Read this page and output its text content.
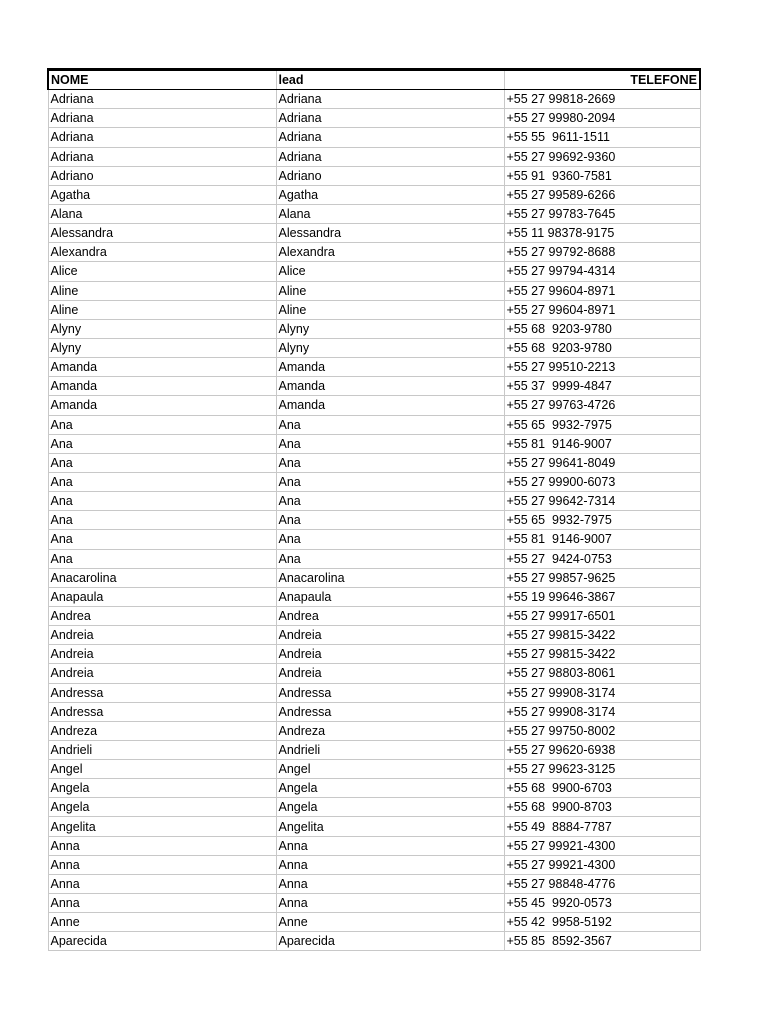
NOME	lead	TELEFONE
Adriana	Adriana	+55 27 99818-2669
Adriana	Adriana	+55 27 99980-2094
Adriana	Adriana	+55 55  9611-1511
Adriana	Adriana	+55 27 99692-9360
Adriano	Adriano	+55 91  9360-7581
Agatha	Agatha	+55 27 99589-6266
Alana	Alana	+55 27 99783-7645
Alessandra	Alessandra	+55 11 98378-9175
Alexandra	Alexandra	+55 27 99792-8688
Alice	Alice	+55 27 99794-4314
Aline	Aline	+55 27 99604-8971
Aline	Aline	+55 27 99604-8971
Alyny	Alyny	+55 68  9203-9780
Alyny	Alyny	+55 68  9203-9780
Amanda	Amanda	+55 27 99510-2213
Amanda	Amanda	+55 37  9999-4847
Amanda	Amanda	+55 27 99763-4726
Ana	Ana	+55 65  9932-7975
Ana	Ana	+55 81  9146-9007
Ana	Ana	+55 27 99641-8049
Ana	Ana	+55 27 99900-6073
Ana	Ana	+55 27 99642-7314
Ana	Ana	+55 65  9932-7975
Ana	Ana	+55 81  9146-9007
Ana	Ana	+55 27  9424-0753
Anacarolina	Anacarolina	+55 27 99857-9625
Anapaula	Anapaula	+55 19 99646-3867
Andrea	Andrea	+55 27 99917-6501
Andreia	Andreia	+55 27 99815-3422
Andreia	Andreia	+55 27 99815-3422
Andreia	Andreia	+55 27 98803-8061
Andressa	Andressa	+55 27 99908-3174
Andressa	Andressa	+55 27 99908-3174
Andreza	Andreza	+55 27 99750-8002
Andrieli	Andrieli	+55 27 99620-6938
Angel	Angel	+55 27 99623-3125
Angela	Angela	+55 68  9900-6703
Angela	Angela	+55 68  9900-8703
Angelita	Angelita	+55 49  8884-7787
Anna	Anna	+55 27 99921-4300
Anna	Anna	+55 27 99921-4300
Anna	Anna	+55 27 98848-4776
Anna	Anna	+55 45  9920-0573
Anne	Anne	+55 42  9958-5192
Aparecida	Aparecida	+55 85  8592-3567
